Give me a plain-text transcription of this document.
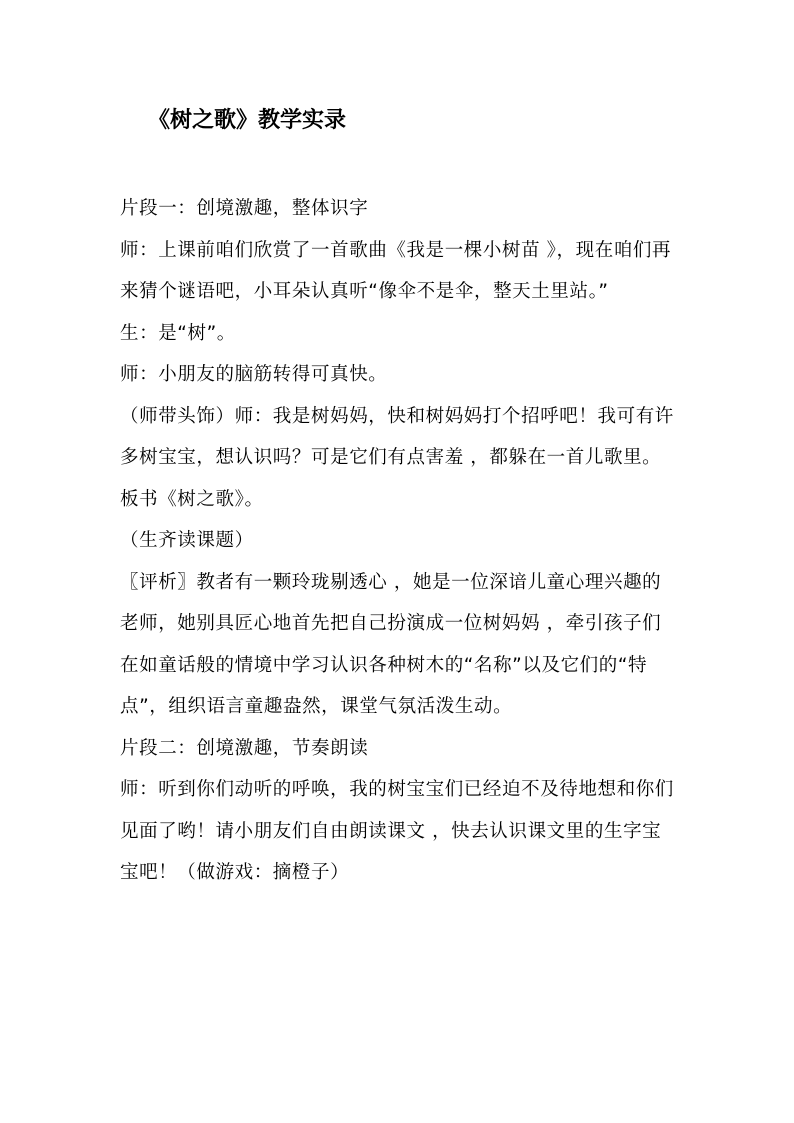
《树之歌》教学实录

片段一：创境激趣，整体识字

师：上课前咱们欣赏了一首歌曲《我是一棵小树苗 》，现在咱们再来猜个谜语吧，小耳朵认真听“像伞不是伞，整天土里站。”

生：是“树”。

师：小朋友的脑筋转得可真快。

（师带头饰）师：我是树妈妈，快和树妈妈打个招呼吧！我可有许多树宝宝，想认识吗？可是它们有点害羞 ，都躲在一首儿歌里。

板书《树之歌》。

（生齐读课题）

〖评析〗教者有一颗玲珑剔透心 ，她是一位深谙儿童心理兴趣的老师，她别具匠心地首先把自己扮演成一位树妈妈 ，牵引孩子们在如童话般的情境中学习认识各种树木的“名称”以及它们的“特点”，组织语言童趣盎然，课堂气氛活泼生动。

片段二：创境激趣，节奏朗读

师：听到你们动听的呼唤，我的树宝宝们已经迫不及待地想和你们见面了哟！请小朋友们自由朗读课文 ，快去认识课文里的生字宝宝吧！（做游戏：摘橙子）
